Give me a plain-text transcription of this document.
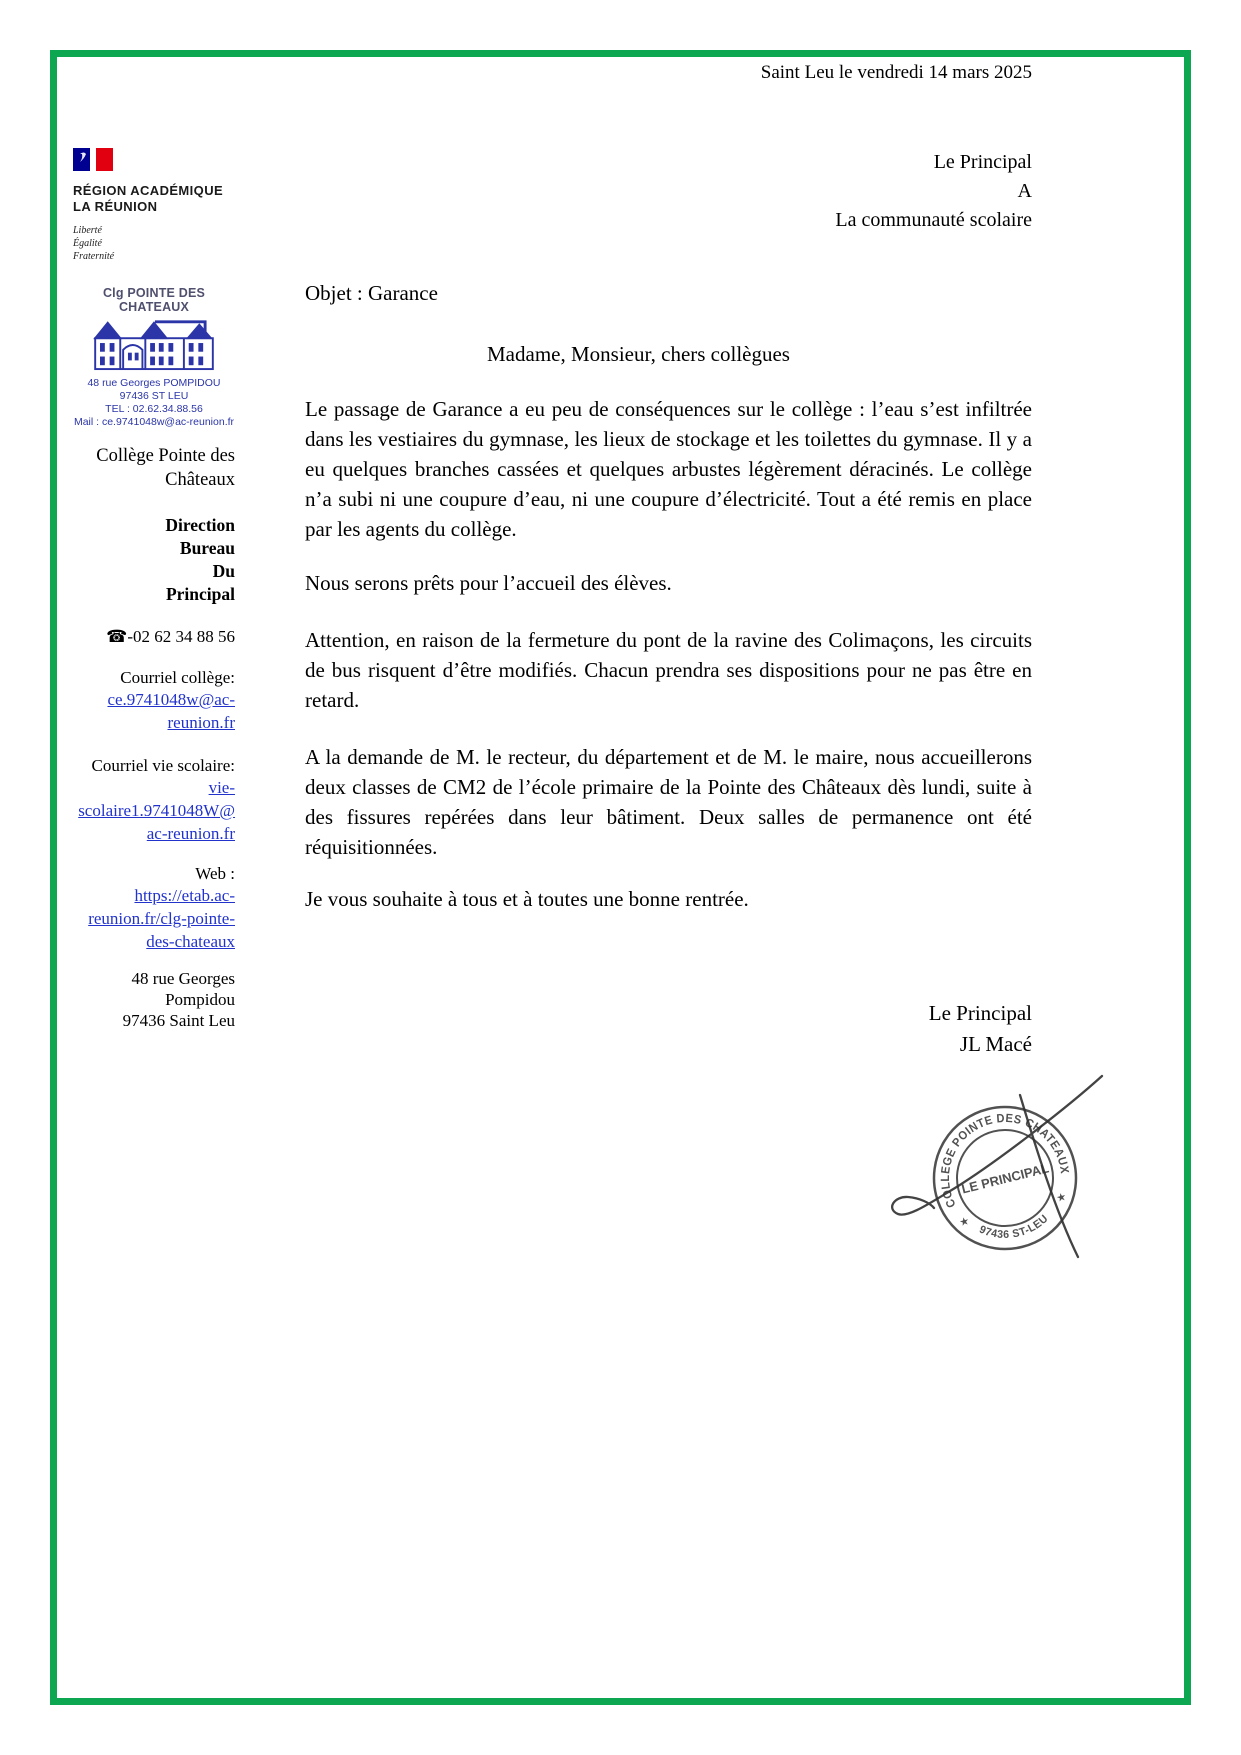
Saint Leu le vendredi 14 mars 2025
Le Principal
A
La communauté scolaire
RÉGION ACADÉMIQUE
LA RÉUNION
Liberté
Égalité
Fraternité
Clg POINTE DES CHATEAUX
48 rue Georges POMPIDOU
97436 ST LEU
TEL : 02.62.34.88.56
Mail : ce.9741048w@ac-reunion.fr
Collège Pointe des Châteaux
Direction
Bureau
Du
Principal
☎-02 62 34 88 56
Courriel collège:
ce.9741048w@ac-reunion.fr
Courriel vie scolaire:
vie-scolaire1.9741048W@ac-reunion.fr
Web :
https://etab.ac-reunion.fr/clg-pointe-des-chateaux
48 rue Georges
Pompidou
97436 Saint Leu
Objet : Garance
Madame, Monsieur, chers collègues
Le passage de Garance a eu peu de conséquences sur le collège : l’eau s’est infiltrée dans les vestiaires du gymnase, les lieux de stockage et les toilettes du gymnase. Il y a eu quelques branches cassées et quelques arbustes légèrement déracinés. Le collège n’a subi ni une coupure d’eau, ni une coupure d’électricité. Tout a été remis en place par les agents du collège.
Nous serons prêts pour l’accueil des élèves.
Attention, en raison de la fermeture du pont de la ravine des Colimaçons, les circuits de bus risquent d’être modifiés. Chacun prendra ses dispositions pour ne pas être en retard.
A la demande de M. le recteur, du département et de M. le maire, nous accueillerons deux classes de CM2 de l’école primaire de la Pointe des Châteaux dès lundi, suite à des fissures repérées dans leur bâtiment. Deux salles de permanence ont été réquisitionnées.
Je vous souhaite à tous et à toutes une bonne rentrée.
Le Principal
JL Macé
COLLEGE POINTE DES CHATEAUX
97436 ST-LEU
LE PRINCIPAL
★
★
